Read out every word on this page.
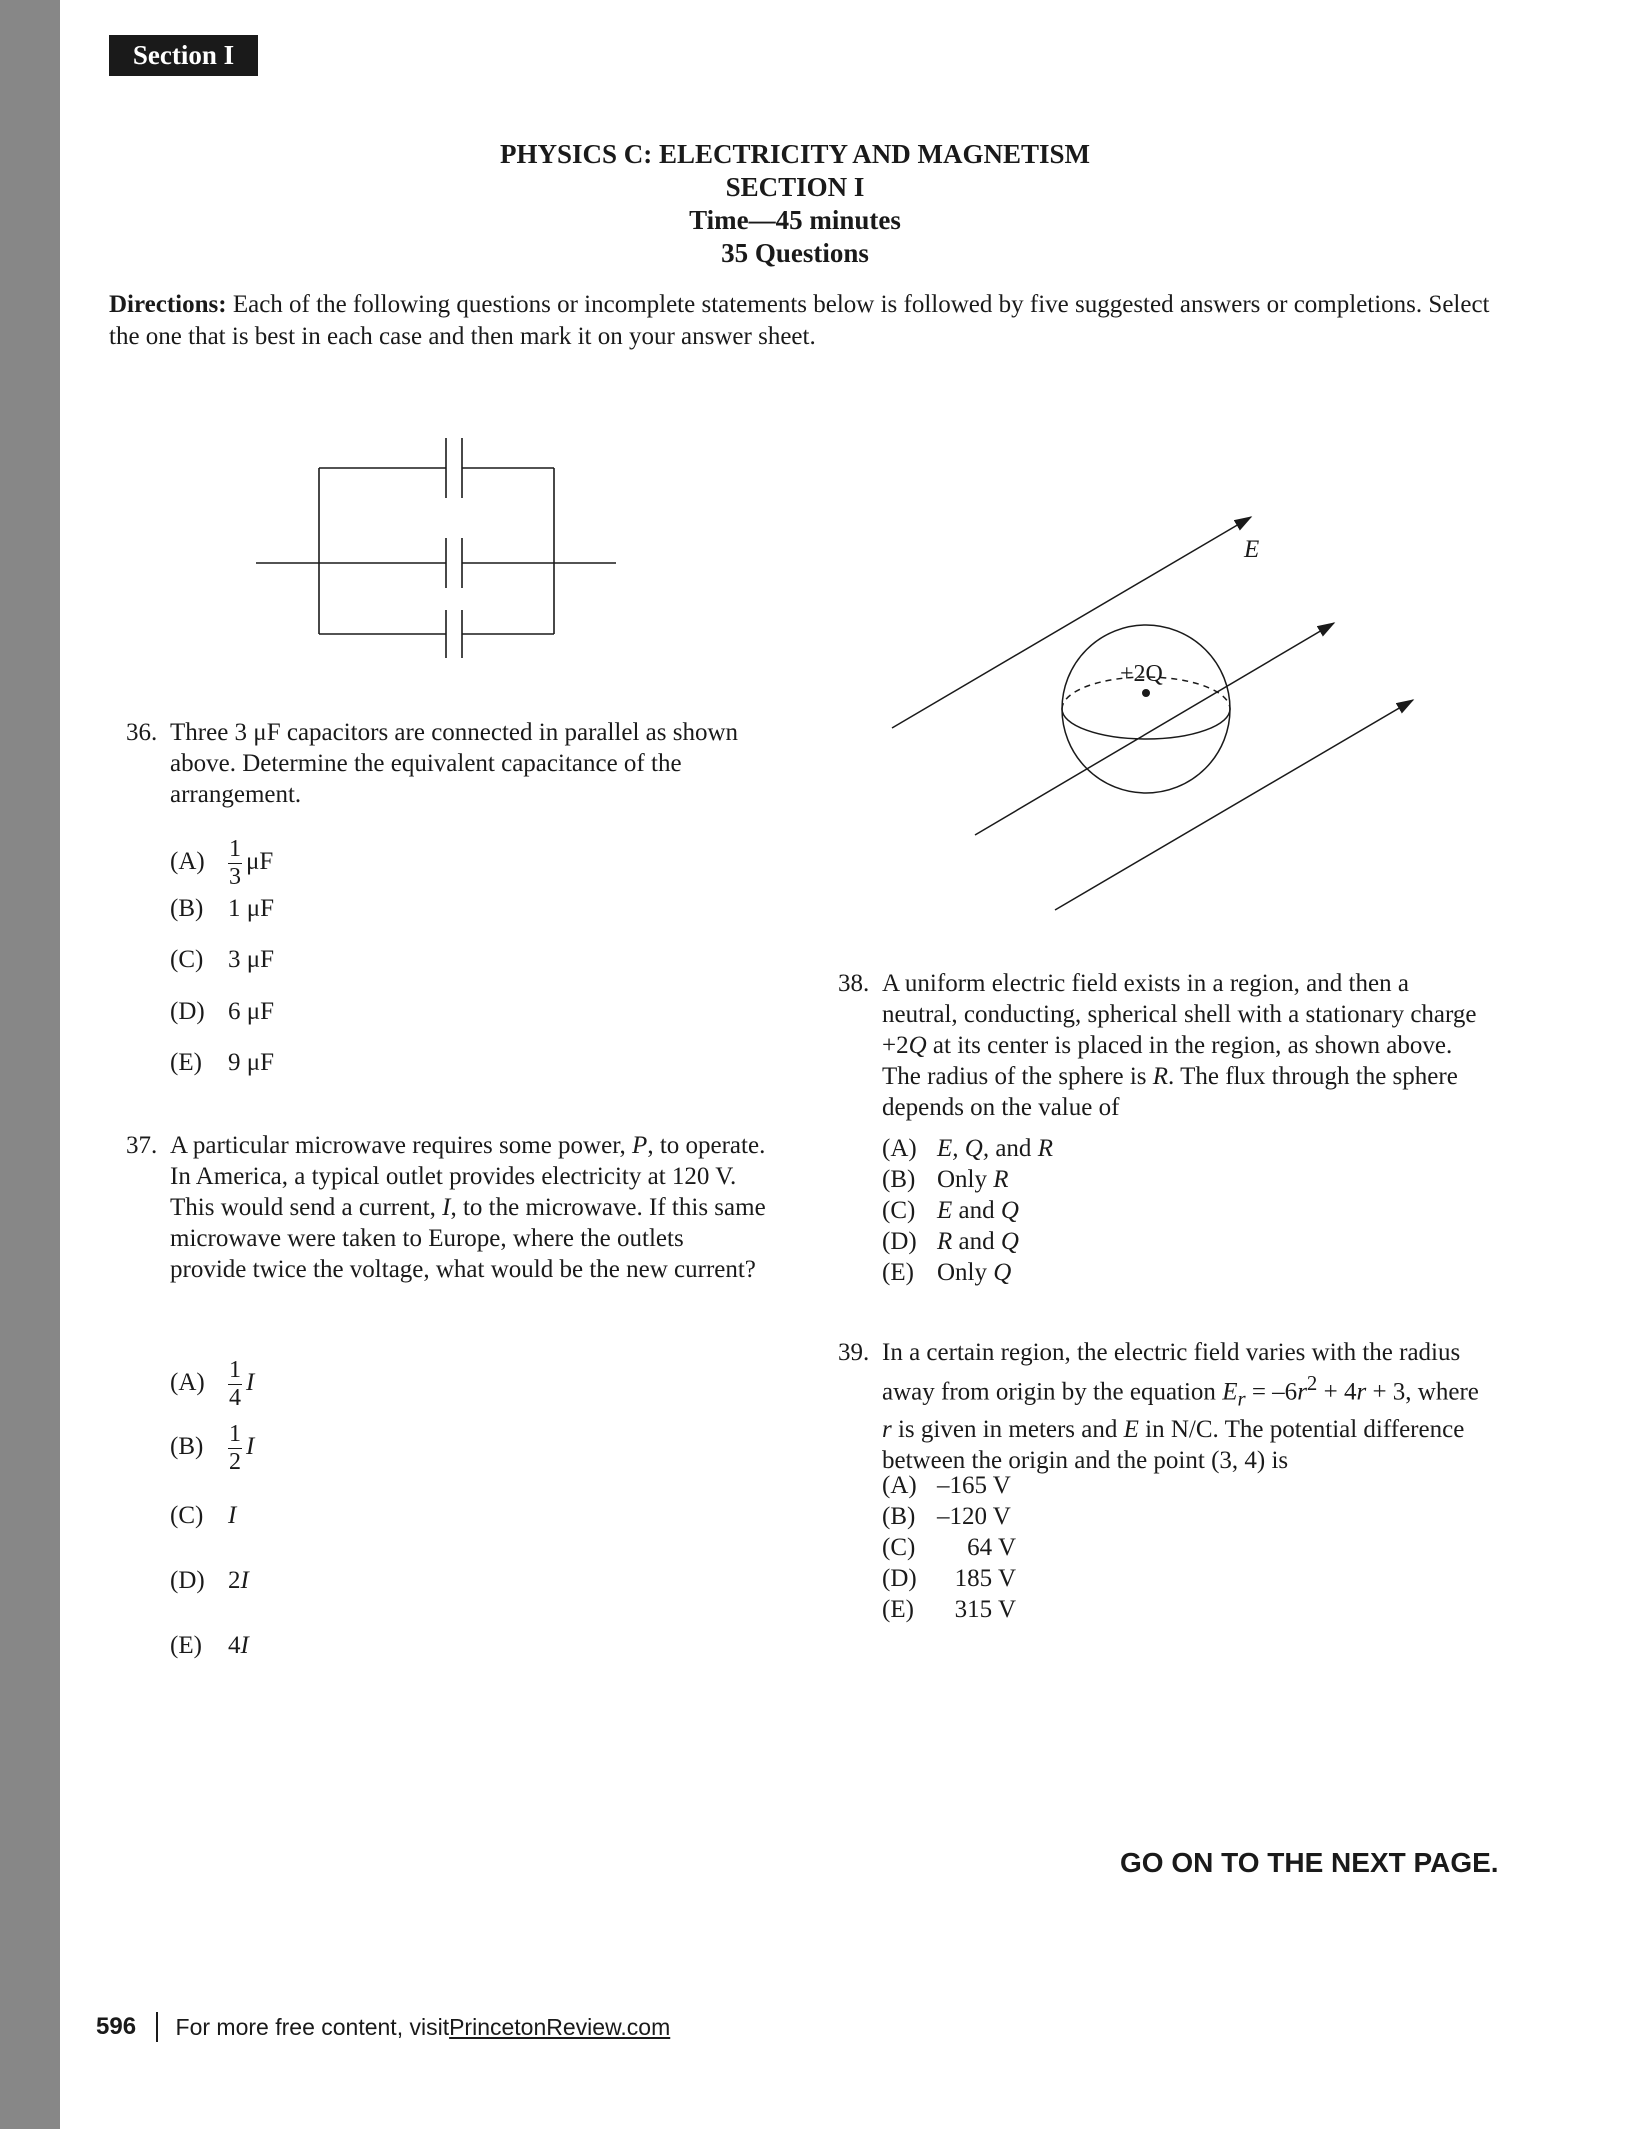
Section I
PHYSICS C: ELECTRICITY AND MAGNETISM
SECTION I
Time—45 minutes
35 Questions
Directions: Each of the following questions or incomplete statements below is followed by five suggested answers or completions. Select the one that is best in each case and then mark it on your answer sheet.
E
+2Q
36. Three 3 μF capacitors are connected in parallel as shown above. Determine the equivalent capacitance of the arrangement.
$(A) \frac{1}{3}$ μF
(B) 1 μF
(C) 3 μF
(D) 6 μF
(E) 9 μF
37. A particular microwave requires some power, P, to operate. In America, a typical outlet provides electricity at 120 V. This would send a current, I, to the microwave. If this same microwave were taken to Europe, where the outlets provide twice the voltage, what would be the new current?
$(A) \frac{1}{4}$ I
$(B) \frac{1}{2}$ I
(C) I
(D) 2I
(E) 4I
38. A uniform electric field exists in a region, and then a neutral, conducting, spherical shell with a stationary charge +2Q at its center is placed in the region, as shown above. The radius of the sphere is R. The flux through the sphere depends on the value of
(A) E, Q, and R
(B) Only R
(C) E and Q
(D) R and Q
(E) Only Q
39. In a certain region, the electric field varies with the radius away from origin by the equation $E_r = -6r^2 + 4r + 3$, where r is given in meters and E in N/C. The potential difference between the origin and the point (3, 4) is
(A) –165 V
(B) –120 V
(C) 64 V
(D) 185 V
(E) 315 V
GO ON TO THE NEXT PAGE.
596 For more free content, visit PrincetonReview.com
